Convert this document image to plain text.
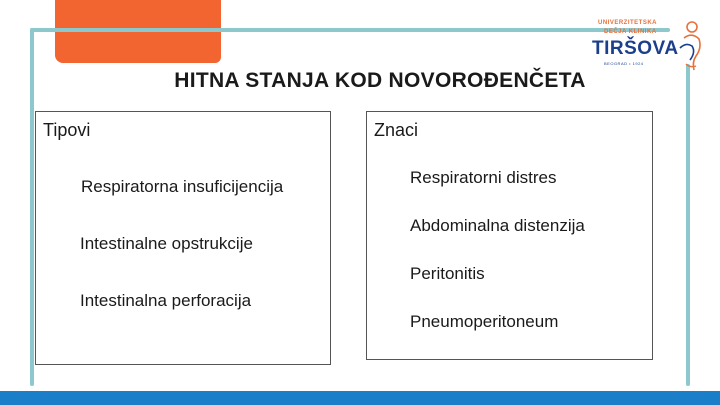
UNIVERZITETSKA
DEČJA KLINIKA
TIRŠOVA
BEOGRAD • 1924
HITNA STANJA KOD NOVOROĐENČETA
Tipovi
Respiratorna insuficijencija
Intestinalne opstrukcije
Intestinalna perforacija
Znaci
Respiratorni distres
Abdominalna distenzija
Peritonitis
Pneumoperitoneum
